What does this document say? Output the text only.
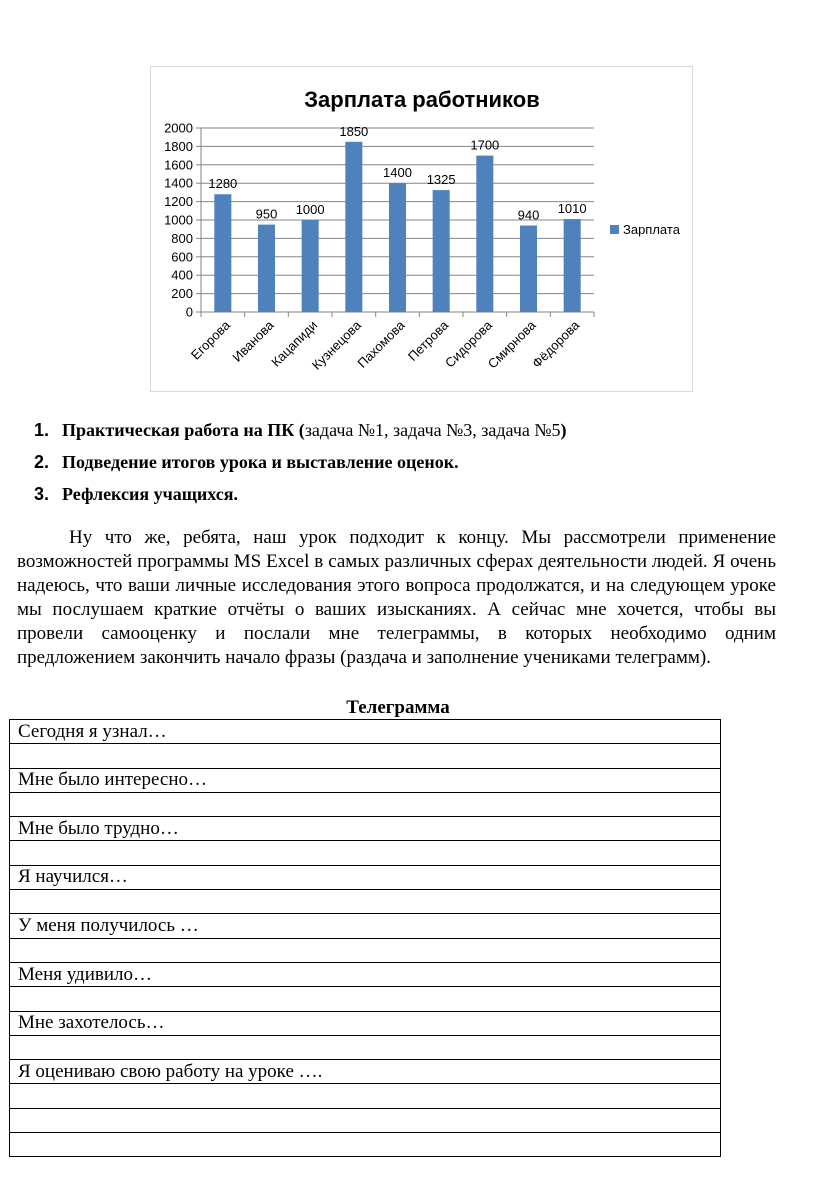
Зарплата работников
0
200
400
600
800
1000
1200
1400
1600
1800
2000
1280
Егорова
950
Иванова
1000
Кацапиди
1850
Кузнецова
1400
Пахомова
1325
Петрова
1700
Сидорова
940
Смирнова
1010
Фёдорова
Зарплата
1. Практическая работа на ПК (задача №1, задача №3, задача №5)
2. Подведение итогов урока и выставление оценок.
3. Рефлексия учащихся.

Ну что же, ребята, наш урок подходит к концу. Мы рассмотрели применение возможностей программы MS Excel в самых различных сферах деятельности людей. Я очень надеюсь, что ваши личные исследования этого вопроса продолжатся, и на следующем уроке мы послушаем краткие отчёты о ваших изысканиях. А сейчас мне хочется, чтобы вы провели самооценку и послали мне телеграммы, в которых необходимо одним предложением закончить начало фразы (раздача и заполнение учениками телеграмм).

Телеграмма
Сегодня я узнал…

Мне было интересно…

Мне было трудно…

Я научился…

У меня получилось …

Меня удивило…

Мне захотелось…

Я оцениваю свою работу на уроке ….
